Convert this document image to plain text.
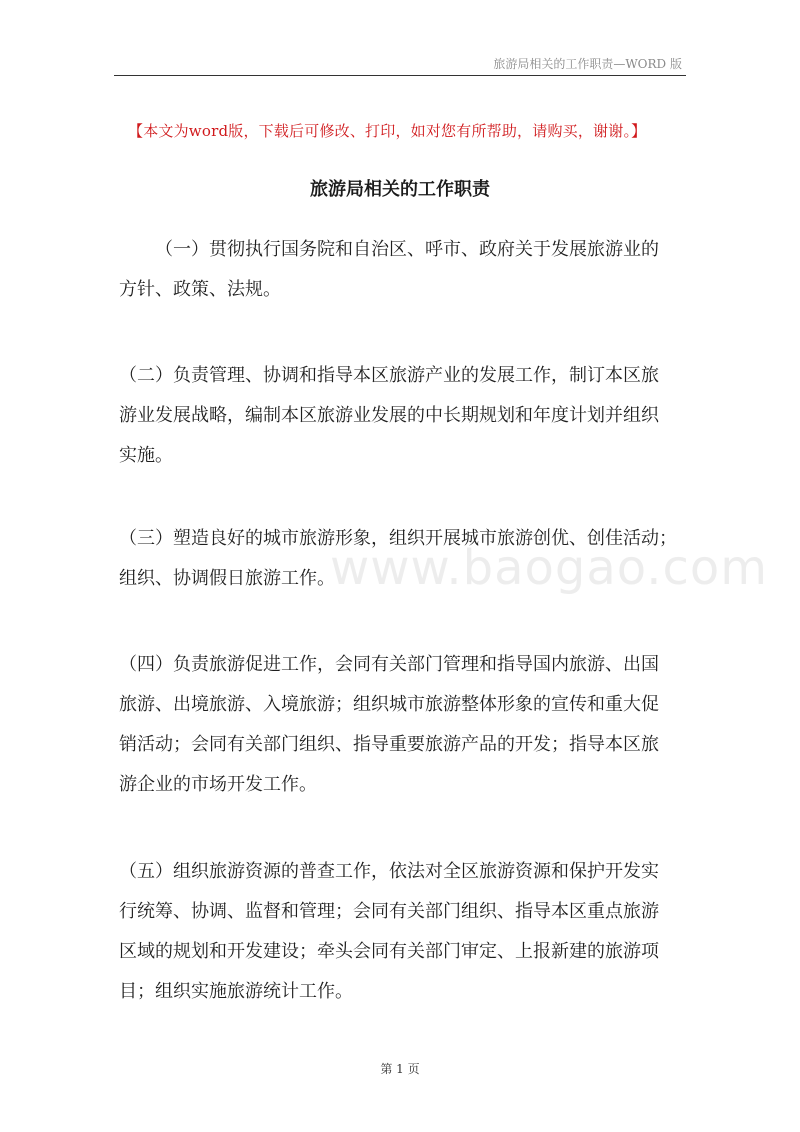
旅游局相关的工作职责—WORD 版
【本文为word版，下载后可修改、打印，如对您有所帮助，请购买，谢谢。】
旅游局相关的工作职责
www.baogao.com
（一）贯彻执行国务院和自治区、呼市、政府关于发展旅游业的
方针、政策、法规。
（二）负责管理、协调和指导本区旅游产业的发展工作，制订本区旅
游业发展战略，编制本区旅游业发展的中长期规划和年度计划并组织
实施。
（三）塑造良好的城市旅游形象，组织开展城市旅游创优、创佳活动；
组织、协调假日旅游工作。
（四）负责旅游促进工作，会同有关部门管理和指导国内旅游、出国
旅游、出境旅游、入境旅游；组织城市旅游整体形象的宣传和重大促
销活动；会同有关部门组织、指导重要旅游产品的开发；指导本区旅
游企业的市场开发工作。
（五）组织旅游资源的普查工作，依法对全区旅游资源和保护开发实
行统筹、协调、监督和管理；会同有关部门组织、指导本区重点旅游
区域的规划和开发建设；牵头会同有关部门审定、上报新建的旅游项
目；组织实施旅游统计工作。
第 1 页
